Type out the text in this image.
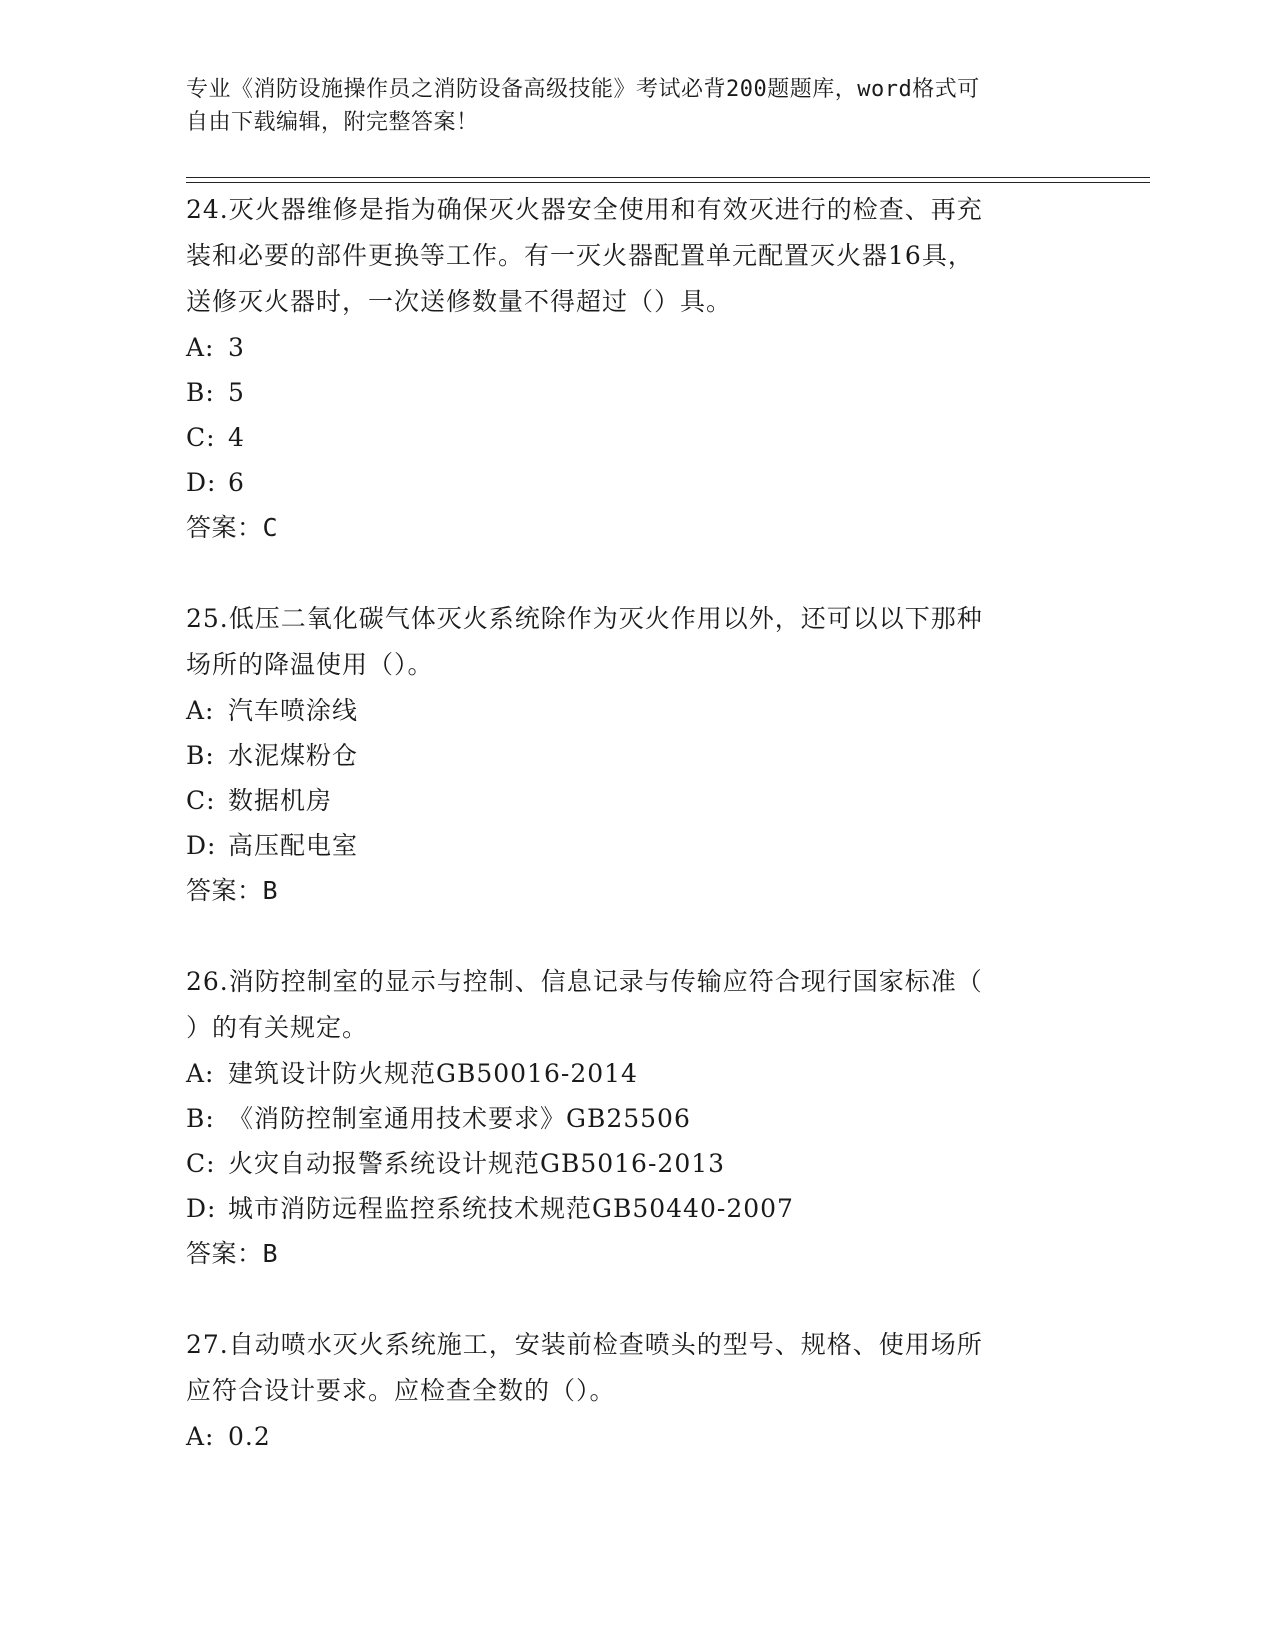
专业《消防设施操作员之消防设备高级技能》考试必背200题题库，word格式可
自由下载编辑，附完整答案！
24.灭火器维修是指为确保灭火器安全使用和有效灭进行的检查、再充
装和必要的部件更换等工作。有一灭火器配置单元配置灭火器16具，
送修灭火器时，一次送修数量不得超过（）具。
A: 3
B: 5
C: 4
D: 6
答案：C
25.低压二氧化碳气体灭火系统除作为灭火作用以外，还可以以下那种
场所的降温使用（）。
A: 汽车喷涂线
B: 水泥煤粉仓
C: 数据机房
D: 高压配电室
答案：B
26.消防控制室的显示与控制、信息记录与传输应符合现行国家标准（
）的有关规定。
A: 建筑设计防火规范GB50016-2014
B: 《消防控制室通用技术要求》GB25506
C: 火灾自动报警系统设计规范GB5016-2013
D: 城市消防远程监控系统技术规范GB50440-2007
答案：B
27.自动喷水灭火系统施工，安装前检查喷头的型号、规格、使用场所
应符合设计要求。应检查全数的（）。
A: 0.2
